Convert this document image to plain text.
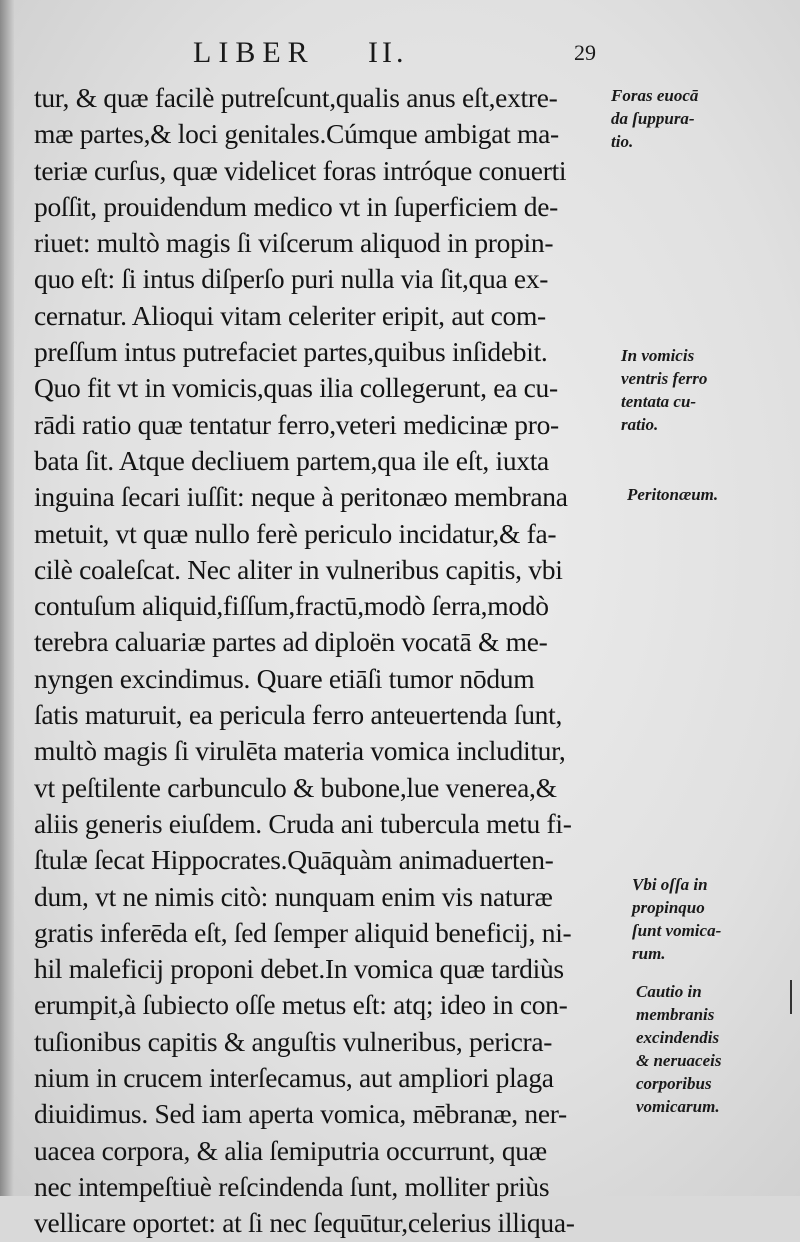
LIBER II.	29
tur, & quæ facilè putreſcunt,qualis anus eſt,extre-
mæ partes,& loci genitales.Cúmque ambigat ma-
teriæ curſus, quæ videlicet foras intróque conuerti
poſſit, prouidendum medico vt in ſuperficiem de-
riuet: multò magis ſi viſcerum aliquod in propin-
quo eſt: ſi intus diſperſo puri nulla via ſit,qua ex-
cernatur. Alioqui vitam celeriter eripit, aut com-
preſſum intus putrefaciet partes,quibus inſidebit.
Quo fit vt in vomicis,quas ilia collegerunt, ea cu-
rādi ratio quæ tentatur ferro,veteri medicinæ pro-
bata ſit. Atque decliuem partem,qua ile eſt, iuxta
inguina ſecari iuſſit: neque à peritonæo membrana
metuit, vt quæ nullo ferè periculo incidatur,& fa-
cilè coaleſcat. Nec aliter in vulneribus capitis, vbi
contuſum aliquid,fiſſum,fractū,modò ſerra,modò
terebra caluariæ partes ad diploën vocatā & me-
nyngen excindimus. Quare etiāſi tumor nōdum
ſatis maturuit, ea pericula ferro anteuertenda ſunt,
multò magis ſi virulēta materia vomica includitur,
vt peſtilente carbunculo & bubone,lue venerea,&
aliis generis eiuſdem. Cruda ani tubercula metu fi-
ſtulæ ſecat Hippocrates.Quāquàm animaduerten-
dum, vt ne nimis citò: nunquam enim vis naturæ
gratis inferēda eſt, ſed ſemper aliquid beneficij, ni-
hil maleficij proponi debet.In vomica quæ tardiùs
erumpit,à ſubiecto oſſe metus eſt: atq; ideo in con-
tuſionibus capitis & anguſtis vulneribus, pericra-
nium in crucem interſecamus, aut ampliori plaga
diuidimus. Sed iam aperta vomica, mēbranæ, ner-
uacea corpora, & alia ſemiputria occurrunt, quæ
nec intempeſtiuè reſcindenda ſunt, molliter priùs
vellicare oportet: at ſi nec ſequūtur,celerius illiqua-
Foras euocā
da ſuppura-
tio.
In vomicis
ventris ferro
tentata cu-
ratio.
Peritonæum.
Vbi oſſa in
propinquo
ſunt vomica-
rum.
Cautio in
membranis
excindendis
& neruaceis
corporibus
vomicarum.
